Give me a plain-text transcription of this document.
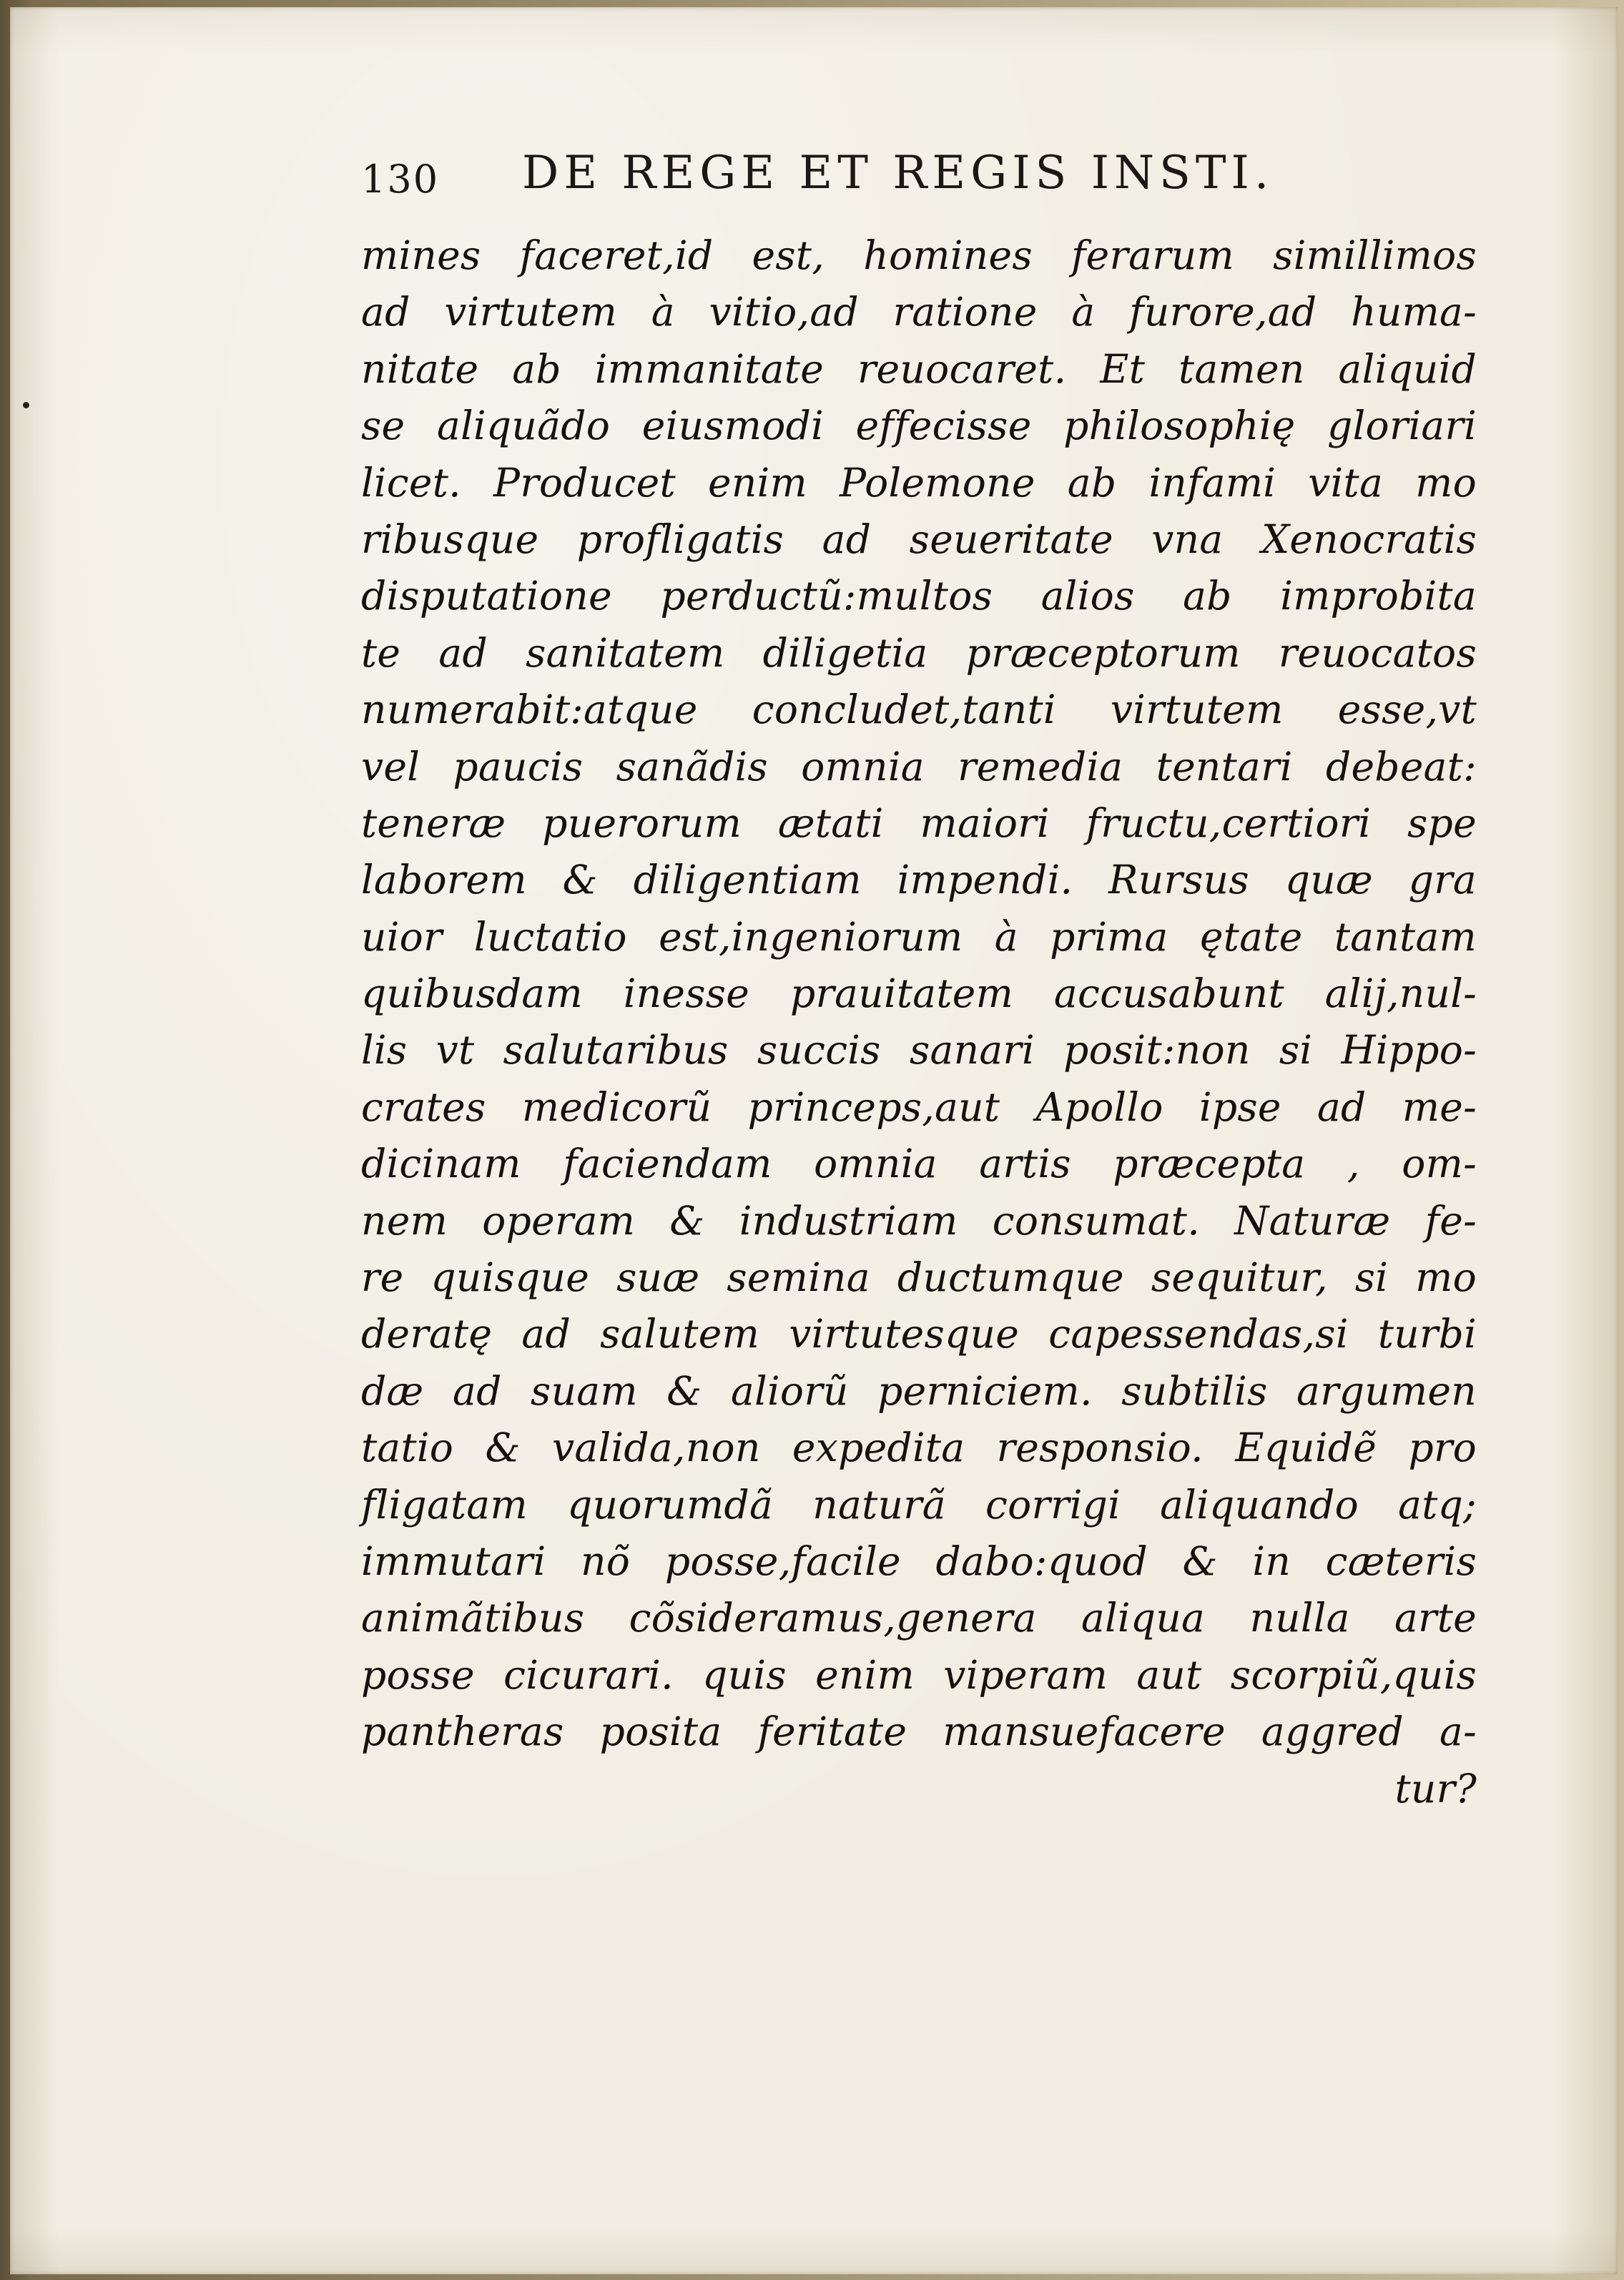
130 DE REGE ET REGIS INSTI.
mines faceret,id est, homines ferarum simillimos
ad virtutem à vitio,ad ratione à furore,ad huma-
nitate ab immanitate reuocaret. Et tamen aliquid
se aliquãdo eiusmodi effecisse philosophię gloriari
licet. Producet enim Polemone ab infami vita mo
ribusque profligatis ad seueritate vna Xenocratis
disputatione perductũ:multos alios ab improbita
te ad sanitatem diligetia præceptorum reuocatos
numerabit:atque concludet,tanti virtutem esse,vt
vel paucis sanãdis omnia remedia tentari debeat:
teneræ puerorum ætati maiori fructu,certiori spe
laborem & diligentiam impendi. Rursus quæ gra
uior luctatio est,ingeniorum à prima ętate tantam
quibusdam inesse prauitatem accusabunt alij,nul-
lis vt salutaribus succis sanari posit:non si Hippo-
crates medicorũ princeps,aut Apollo ipse ad me-
dicinam faciendam omnia artis præcepta , om-
nem operam & industriam consumat. Naturæ fe-
re quisque suæ semina ductumque sequitur, si mo
deratę ad salutem virtutesque capessendas,si turbi
dæ ad suam & aliorũ perniciem. subtilis argumen
tatio & valida,non expedita responsio. Equidẽ pro
fligatam quorumdã naturã corrigi aliquando atq;
immutari nõ posse,facile dabo:quod & in cæteris
animãtibus cõsideramus,genera aliqua nulla arte
posse cicurari. quis enim viperam aut scorpiũ,quis
pantheras posita feritate mansuefacere aggred a-
tur?
